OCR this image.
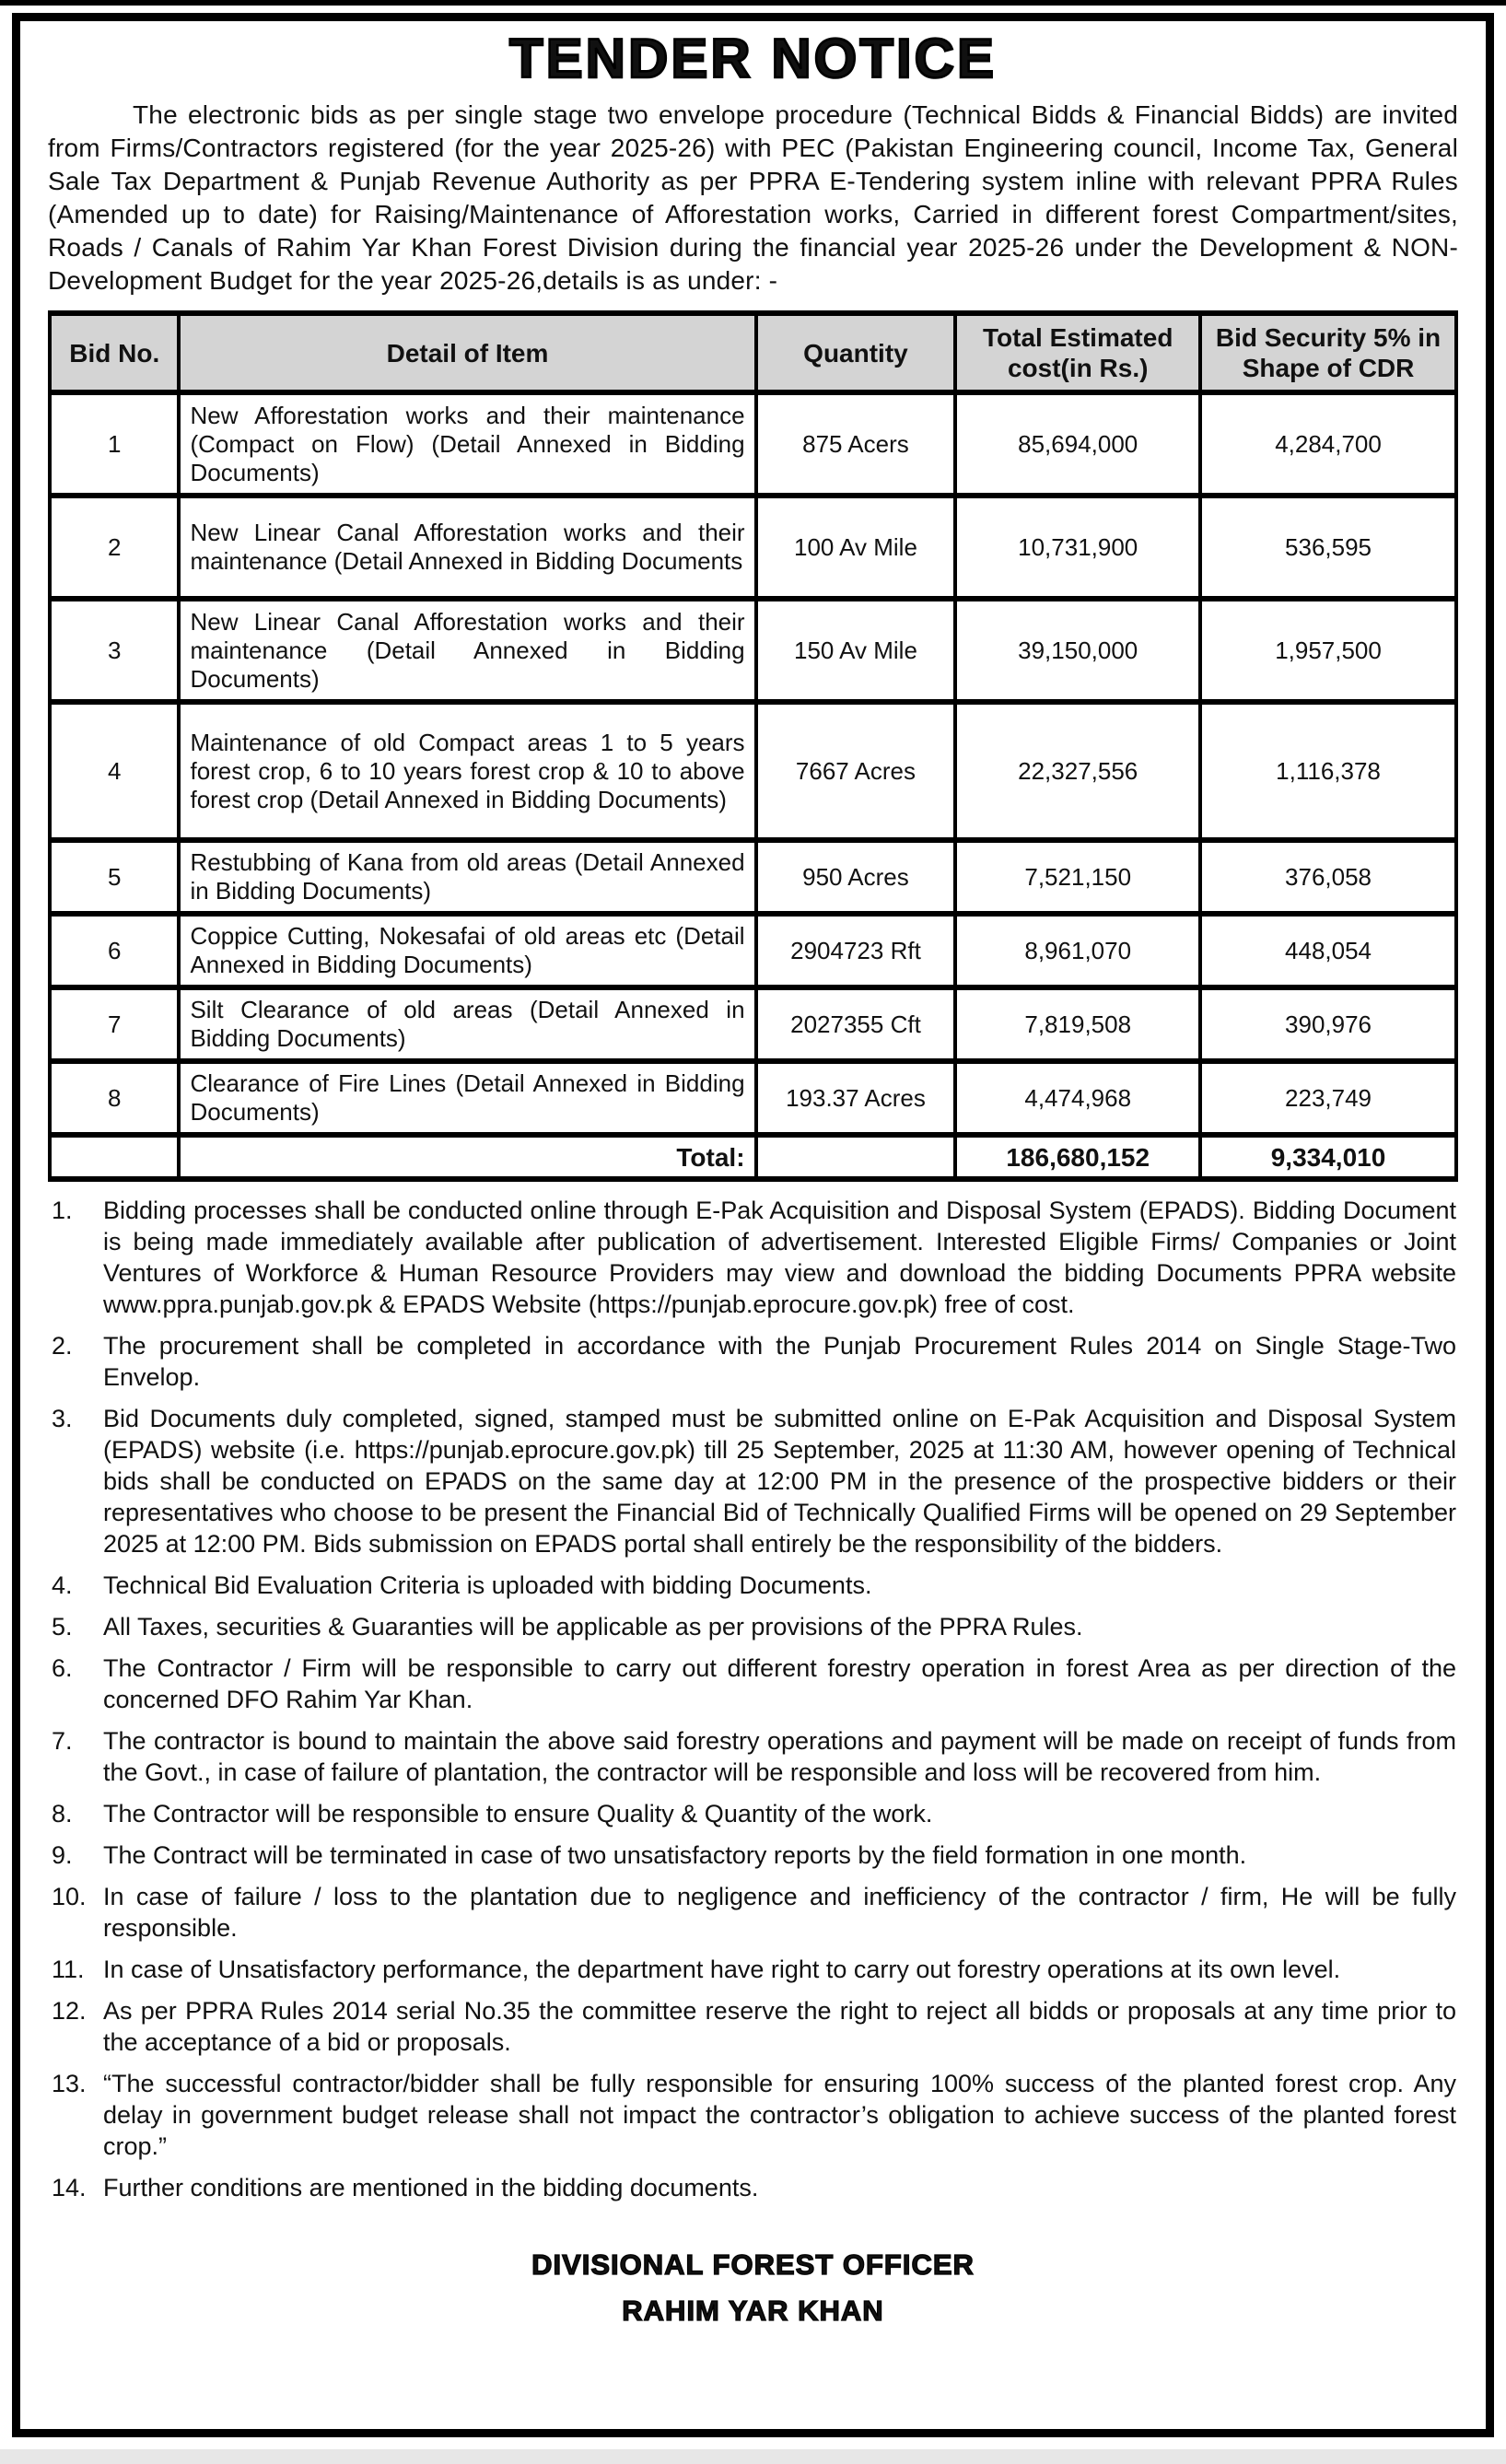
TENDER NOTICE

The electronic bids as per single stage two envelope procedure (Technical Bidds & Financial Bidds) are invited from Firms/Contractors registered (for the year 2025-26) with PEC (Pakistan Engineering council, Income Tax, General Sale Tax Department & Punjab Revenue Authority as per PPRA E-Tendering system inline with relevant PPRA Rules (Amended up to date) for Raising/Maintenance of Afforestation works, Carried in different forest Compartment/sites, Roads / Canals of Rahim Yar Khan Forest Division during the financial year 2025-26 under the Development & NON-Development Budget for the year 2025-26,details is as under: -

Bid No.	Detail of Item	Quantity	Total Estimated cost(in Rs.)	Bid Security 5% in Shape of CDR
1	New Afforestation works and their maintenance (Compact on Flow) (Detail Annexed in Bidding Documents)	875 Acers	85,694,000	4,284,700
2	New Linear Canal Afforestation works and their maintenance (Detail Annexed in Bidding Documents	100 Av Mile	10,731,900	536,595
3	New Linear Canal Afforestation works and their maintenance (Detail Annexed in Bidding Documents)	150 Av Mile	39,150,000	1,957,500
4	Maintenance of old Compact areas 1 to 5 years forest crop, 6 to 10 years forest crop & 10 to above forest crop (Detail Annexed in Bidding Documents)	7667 Acres	22,327,556	1,116,378
5	Restubbing of Kana from old areas (Detail Annexed in Bidding Documents)	950 Acres	7,521,150	376,058
6	Coppice Cutting, Nokesafai of old areas etc (Detail Annexed in Bidding Documents)	2904723 Rft	8,961,070	448,054
7	Silt Clearance of old areas (Detail Annexed in Bidding Documents)	2027355 Cft	7,819,508	390,976
8	Clearance of Fire Lines (Detail Annexed in Bidding Documents)	193.37 Acres	4,474,968	223,749
	Total:		186,680,152	9,334,010
1.	Bidding processes shall be conducted online through E-Pak Acquisition and Disposal System (EPADS). Bidding Document is being made immediately available after publication of advertisement. Interested Eligible Firms/ Companies or Joint Ventures of Workforce & Human Resource Providers may view and download the bidding Documents PPRA website www.ppra.punjab.gov.pk & EPADS Website (https://punjab.eprocure.gov.pk) free of cost.
2.	The procurement shall be completed in accordance with the Punjab Procurement Rules 2014 on Single Stage-Two Envelop.
3.	Bid Documents duly completed, signed, stamped must be submitted online on E-Pak Acquisition and Disposal System (EPADS) website (i.e. https://punjab.eprocure.gov.pk) till 25 September, 2025 at 11:30 AM, however opening of Technical bids shall be conducted on EPADS on the same day at 12:00 PM in the presence of the prospective bidders or their representatives who choose to be present the Financial Bid of Technically Qualified Firms will be opened on 29 September 2025 at 12:00 PM. Bids submission on EPADS portal shall entirely be the responsibility of the bidders.
4.	Technical Bid Evaluation Criteria is uploaded with bidding Documents.
5.	All Taxes, securities & Guaranties will be applicable as per provisions of the PPRA Rules.
6.	The Contractor / Firm will be responsible to carry out different forestry operation in forest Area as per direction of the concerned DFO Rahim Yar Khan.
7.	The contractor is bound to maintain the above said forestry operations and payment will be made on receipt of funds from the Govt., in case of failure of plantation, the contractor will be responsible and loss will be recovered from him.
8.	The Contractor will be responsible to ensure Quality & Quantity of the work.
9.	The Contract will be terminated in case of two unsatisfactory reports by the field formation in one month.
10. In case of failure / loss to the plantation due to negligence and inefficiency of the contractor / firm, He will be fully responsible.
11. In case of Unsatisfactory performance, the department have right to carry out forestry operations at its own level.
12. As per PPRA Rules 2014 serial No.35 the committee reserve the right to reject all bidds or proposals at any time prior to the acceptance of a bid or proposals.
13. “The successful contractor/bidder shall be fully responsible for ensuring 100% success of the planted forest crop. Any delay in government budget release shall not impact the contractor’s obligation to achieve success of the planted forest crop.”
14. Further conditions are mentioned in the bidding documents.
DIVISIONAL FOREST OFFICER
RAHIM YAR KHAN
